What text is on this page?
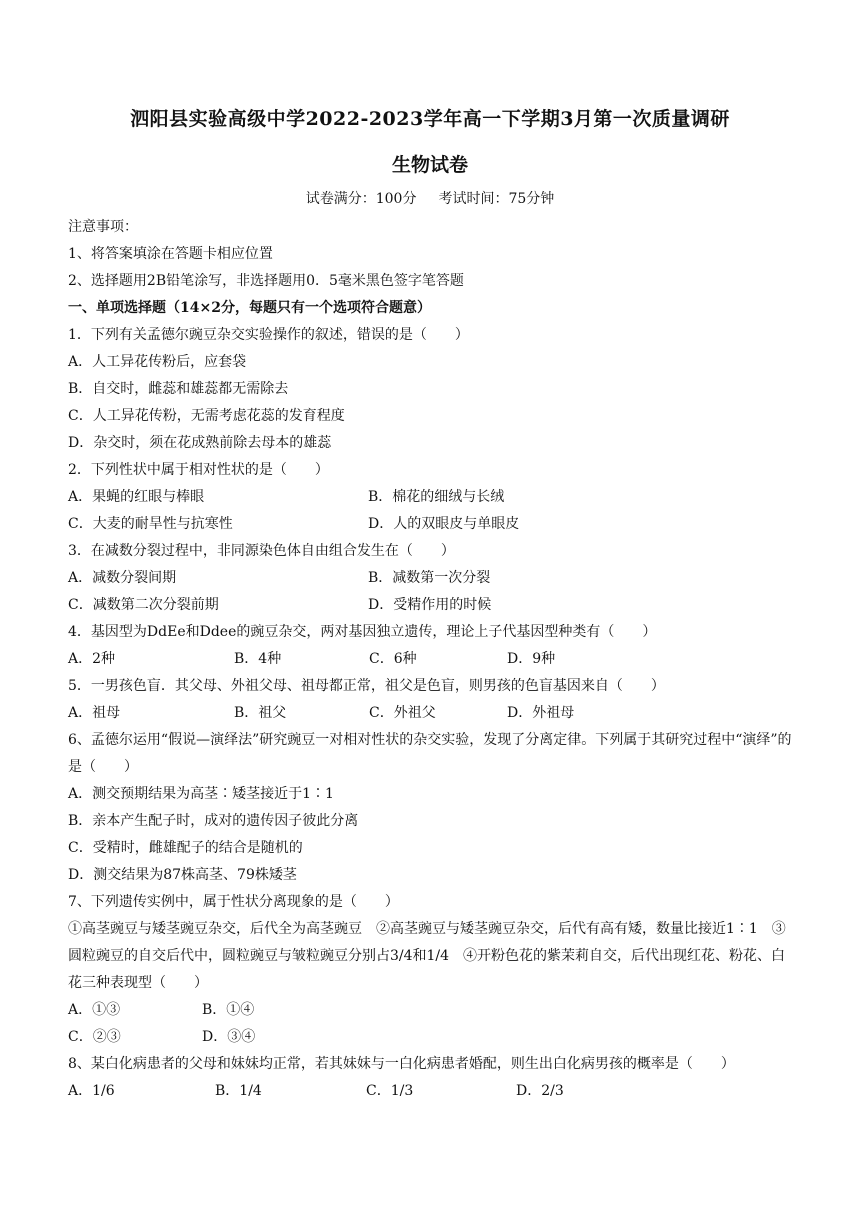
泗阳县实验高级中学2022-2023学年高一下学期3月第一次质量调研
生物试卷
试卷满分：100分 考试时间：75分钟
注意事项：
1、将答案填涂在答题卡相应位置
2、选择题用2B铅笔涂写，非选择题用0．5毫米黑色签字笔答题
一、单项选择题（14×2分，每题只有一个选项符合题意）
1．下列有关孟德尔豌豆杂交实验操作的叙述，错误的是（　　）
A．人工异花传粉后，应套袋
B．自交时，雌蕊和雄蕊都无需除去
C．人工异花传粉，无需考虑花蕊的发育程度
D．杂交时，须在花成熟前除去母本的雄蕊
2．下列性状中属于相对性状的是（　　）
A．果蝇的红眼与棒眼	B．棉花的细绒与长绒
C．大麦的耐旱性与抗寒性	D．人的双眼皮与单眼皮
3．在减数分裂过程中，非同源染色体自由组合发生在（　　）
A．减数分裂间期	B．减数第一次分裂
C．减数第二次分裂前期	D．受精作用的时候
4．基因型为DdEe和Ddee的豌豆杂交，两对基因独立遗传，理论上子代基因型种类有（　　）
A．2种	B．4种	C．6种	D．9种
5．一男孩色盲．其父母、外祖父母、祖母都正常，祖父是色盲，则男孩的色盲基因来自（　　）
A．祖母	B．祖父	C．外祖父	D．外祖母
6、孟德尔运用“假说—演绎法”研究豌豆一对相对性状的杂交实验，发现了分离定律。下列属于其研究过程中“演绎”的是（　　）
A．测交预期结果为高茎∶矮茎接近于1∶1
B．亲本产生配子时，成对的遗传因子彼此分离
C．受精时，雌雄配子的结合是随机的
D．测交结果为87株高茎、79株矮茎
7、下列遗传实例中，属于性状分离现象的是（　　）
①高茎豌豆与矮茎豌豆杂交，后代全为高茎豌豆　②高茎豌豆与矮茎豌豆杂交，后代有高有矮，数量比接近1∶1　③圆粒豌豆的自交后代中，圆粒豌豆与皱粒豌豆分别占3/4和1/4　④开粉色花的紫茉莉自交，后代出现红花、粉花、白花三种表现型（　　）
A．①③	B．①④
C．②③	D．③④
8、某白化病患者的父母和妹妹均正常，若其妹妹与一白化病患者婚配，则生出白化病男孩的概率是（　　）
A．1/6	B．1/4	C．1/3	D．2/3
